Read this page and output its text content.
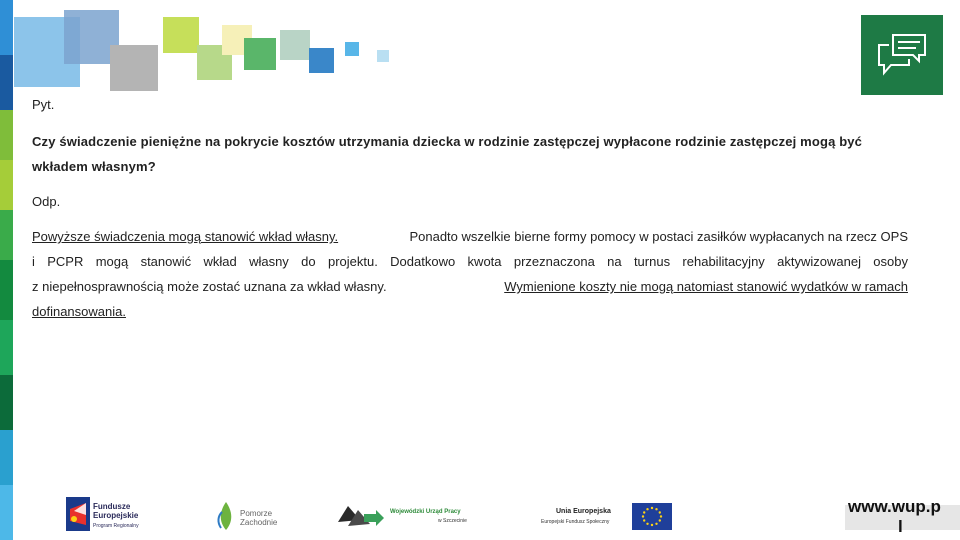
Pyt.
Czy świadczenie pieniężne na pokrycie kosztów utrzymania dziecka w rodzinie zastępczej wypłacone rodzinie zastępczej mogą być
wkładem własnym?
Odp.
Powyższe świadczenia mogą stanowić wkład własny.	Ponadto wszelkie bierne formy pomocy w postaci zasiłków wypłacanych na rzecz OPS
i PCPR mogą stanowić wkład własny do projektu. Dodatkowo kwota przeznaczona na turnus rehabilitacyjny aktywizowanej osoby
z niepełnosprawnością może zostać uznana za wkład własny.	Wymienione koszty nie mogą natomiast stanowić wydatków w ramach
dofinansowania.
Fundusze
Europejskie
Program Regionalny
Pomorze
Zachodnie
Wojewódzki Urząd Pracy
w Szczecinie
Unia Europejska
Europejski Fundusz Społeczny
www.wup.p

l
